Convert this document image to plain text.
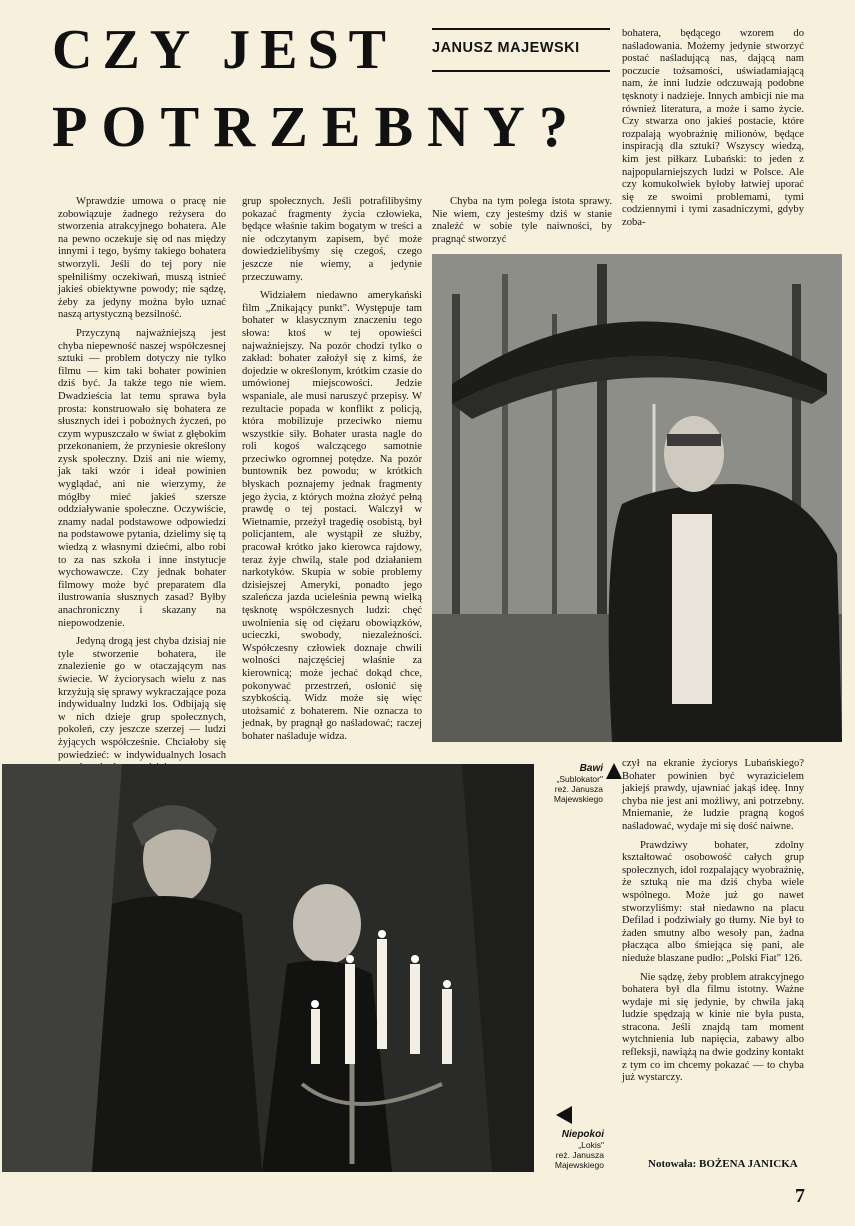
CZY JEST
POTRZEBNY?
JANUSZ MAJEWSKI

Wprawdzie umowa o pracę nie zobowiązuje żadnego reżysera do stworzenia atrakcyjnego bohatera. Ale na pewno oczekuje się od nas między innymi i tego, byśmy takiego bohatera stworzyli. Jeśli do tej pory nie spełniliśmy oczekiwań, muszą istnieć jakieś obiektywne powody; nie sądzę, żeby za jedyny można było uznać naszą artystyczną bezsilność.

Przyczyną najważniejszą jest chyba niepewność naszej współczesnej sztuki — problem dotyczy nie tylko filmu — kim taki bohater powinien dziś być. Ja także tego nie wiem. Dwadzieścia lat temu sprawa była prosta: konstruowało się bohatera ze słusznych idei i pobożnych życzeń, po czym wypuszczało w świat z głębokim przekonaniem, że przyniesie określony zysk społeczny. Dziś ani nie wiemy, jak taki wzór i ideał powinien wyglądać, ani nie wierzymy, że mógłby mieć jakieś szersze oddziaływanie społeczne. Oczywiście, znamy nadal podstawowe odpowiedzi na podstawowe pytania, dzielimy się tą wiedzą z własnymi dziećmi, albo robi to za nas szkoła i inne instytucje wychowawcze. Czy jednak bohater filmowy może być preparatem dla ilustrowania słusznych zasad? Byłby anachroniczny i skazany na niepowodzenie.

Jedyną drogą jest chyba dzisiaj nie tyle stworzenie bohatera, ile znalezienie go w otaczającym nas świecie. W życiorysach wielu z nas krzyżują się sprawy wykraczające poza indywidualny ludzki los. Odbijają się w nich dzieje grup społecznych, pokoleń, czy jeszcze szerzej — ludzi żyjących współcześnie. Chciałoby się powiedzieć: w indywidualnych losach

grup społecznych. Jeśli potrafilibyśmy pokazać fragmenty życia człowieka, będące właśnie takim bogatym w treści a nie odczytanym zapisem, być może dowiedzielibyśmy się czegoś, czego jeszcze nie wiemy, a jedynie przeczuwamy.

Widziałem niedawno amerykański film „Znikający punkt". Występuje tam bohater w klasycznym znaczeniu tego słowa: ktoś w tej opowieści najważniejszy. Na pozór chodzi tylko o zakład: bohater założył się z kimś, że dojedzie w określonym, krótkim czasie do umówionej miejscowości. Jedzie wspaniale, ale musi naruszyć przepisy. W rezultacie popada w konflikt z policją, która mobilizuje przeciwko niemu wszystkie siły. Bohater urasta nagle do roli kogoś walczącego samotnie przeciwko ogromnej potędze. Na pozór buntownik bez powodu; w krótkich błyskach poznajemy jednak fragmenty jego życia, z których można złożyć pełną prawdę o tej postaci. Walczył w Wietnamie, przeżył tragedię osobistą, był policjantem, ale wystąpił ze służby, pracował krótko jako kierowca rajdowy, teraz żyje chwilą, stale pod działaniem narkotyków. Skupia w sobie problemy dzisiejszej Ameryki, ponadto jego szaleńcza jazda ucieleśnia pewną wielką tęsknotę współczesnych ludzi: chęć uwolnienia się od ciężaru obowiązków, ucieczki, swobody, niezależności. Współczesny człowiek doznaje chwili wolności najczęściej właśnie za kierownicą; może jechać dokąd chce, pokonywać przestrzeń, osłonić się szybkością. Widz może się więc utożsamić z bohaterem. Nie oznacza to jednak, by pragnął go naśladować; raczej bohater naśladuje widza.

Chyba na tym polega istota sprawy. Nie wiem, czy jesteśmy dziś w stanie znaleźć w sobie tyle naiwności, by pragnąć stworzyć

bohatera, będącego wzorem do naśladowania. Możemy jedynie stworzyć postać naśladującą nas, dającą nam poczucie tożsamości, uświadamiającą nam, że inni ludzie odczuwają podobne tęsknoty i nadzieje. Innych ambicji nie ma również literatura, a może i samo życie. Czy stwarza ono jakieś postacie, które rozpalają wyobraźnię milionów, będące inspiracją dla sztuki? Wszyscy wiedzą, kim jest piłkarz Lubański: to jeden z najpopularniejszych ludzi w Polsce. Ale czy komukolwiek byłoby łatwiej uporać się ze swoimi problemami, tymi codziennymi i tymi zasadniczymi, gdyby zoba-

Bawi
„Sublokator"
reż. Janusza
Majewskiego
Niepokoi
„Lokis"
reż. Janusza
Majewskiego

czył na ekranie życiorys Lubańskiego? Bohater powinien być wyrazicielem jakiejś prawdy, ujawniać jakąś ideę. Inny chyba nie jest ani możliwy, ani potrzebny. Mniemanie, że ludzie pragną kogoś naśladować, wydaje mi się dość naiwne.

Prawdziwy bohater, zdolny kształtować osobowość całych grup społecznych, idol rozpalający wyobraźnię, że sztuką nie ma dziś chyba wiele wspólnego. Może już go nawet stworzyliśmy: stał niedawno na placu Defilad i podziwiały go tłumy. Nie był to żaden smutny albo wesoły pan, żadna płacząca albo śmiejąca się pani, ale nieduże blaszane pudło: „Polski Fiat" 126.

Nie sądzę, żeby problem atrakcyjnego bohatera był dla filmu istotny. Ważne wydaje mi się jedynie, by chwila jaką ludzie spędzają w kinie nie była pusta, stracona. Jeśli znajdą tam moment wytchnienia lub napięcia, zabawy albo refleksji, nawiążą na dwie godziny kontakt z tym co im chcemy pokazać — to chyba już wystarczy.

Notowała: BOŻENA JANICKA
7
